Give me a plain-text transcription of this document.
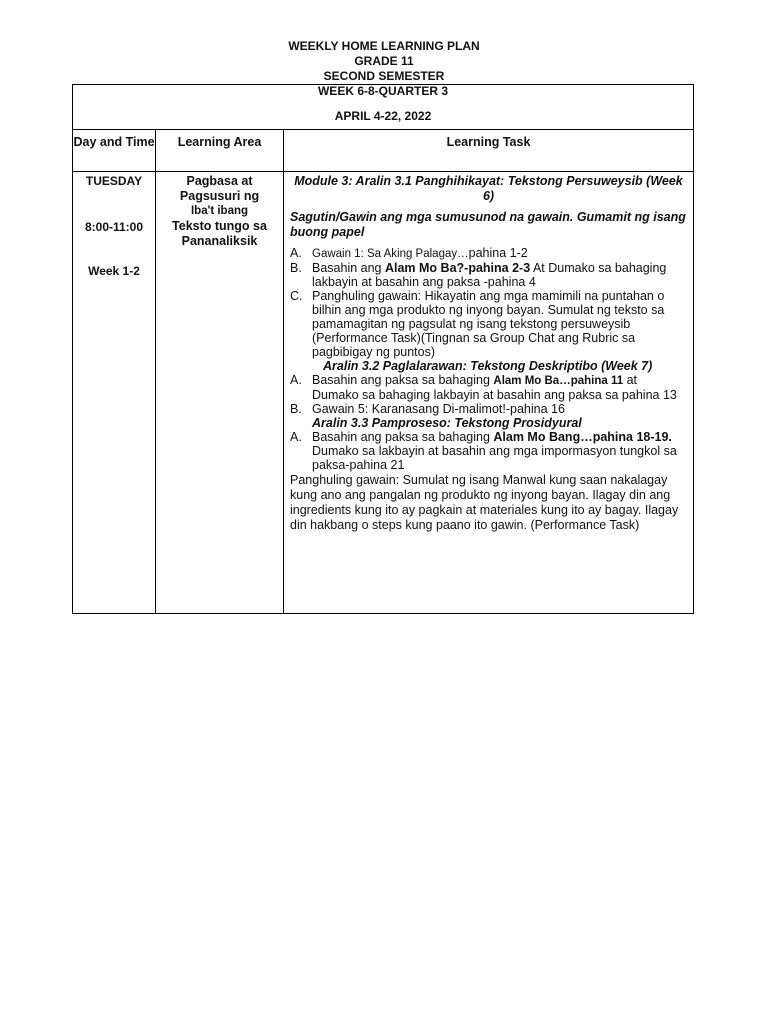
WEEKLY HOME LEARNING PLAN
GRADE 11
SECOND SEMESTER
WEEK 6-8-QUARTER 3
APRIL 4-22, 2022
Day and Time	Learning Area	Learning Task
TUESDAY
8:00-11:00
Week 1-2
Pagbasa at
Pagsusuri ng
Iba't ibang
Teksto tungo sa
Pananaliksik
Module 3: Aralin 3.1 Panghihikayat: Tekstong Persuweysib (Week 6)
Sagutin/Gawin ang mga sumusunod na gawain. Gumamit ng isang buong papel
A. Gawain 1: Sa Aking Palagay…pahina 1-2
B. Basahin ang Alam Mo Ba?-pahina 2-3 At Dumako sa bahaging lakbayin at basahin ang paksa -pahina 4
C. Panghuling gawain: Hikayatin ang mga mamimili na puntahan o bilhin ang mga produkto ng inyong bayan. Sumulat ng teksto sa pamamagitan ng pagsulat ng isang tekstong persuweysib (Performance Task)(Tingnan sa Group Chat ang Rubric sa pagbibigay ng puntos)
Aralin 3.2 Paglalarawan: Tekstong Deskriptibo (Week 7)
A. Basahin ang paksa sa bahaging Alam Mo Ba…pahina 11 at Dumako sa bahaging lakbayin at basahin ang paksa sa pahina 13
B. Gawain 5: Karanasang Di-malimot!-pahina 16
Aralin 3.3 Pamproseso: Tekstong Prosidyural
A. Basahin ang paksa sa bahaging Alam Mo Bang…pahina 18-19. Dumako sa lakbayin at basahin ang mga impormasyon tungkol sa paksa-pahina 21
Panghuling gawain: Sumulat ng isang Manwal kung saan nakalagay kung ano ang pangalan ng produkto ng inyong bayan. Ilagay din ang ingredients kung ito ay pagkain at materiales kung ito ay bagay. Ilagay din hakbang o steps kung paano ito gawin. (Performance Task)
